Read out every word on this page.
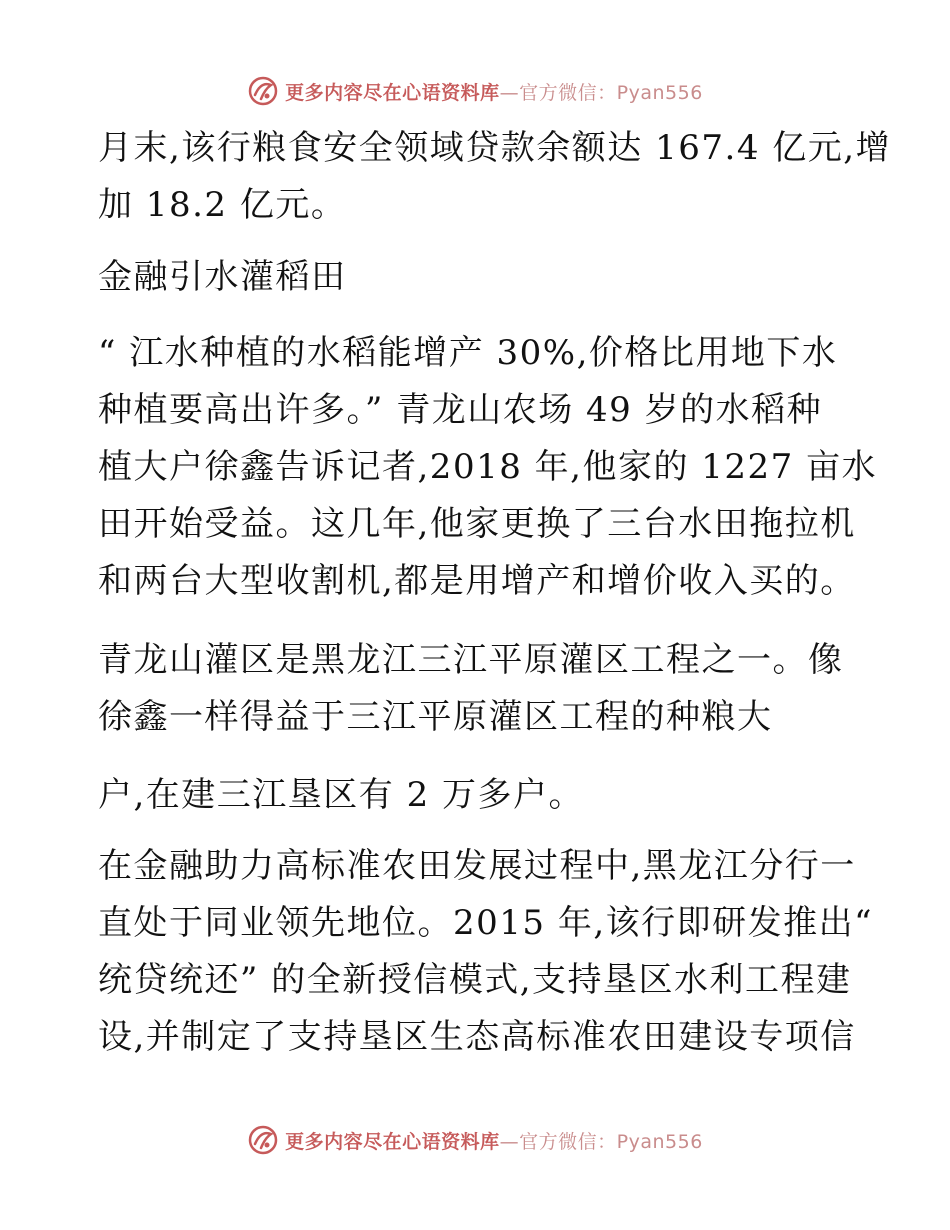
更多内容尽在心语资料库—官方微信：Pyan556

月末,该行粮食安全领域贷款余额达 167.4 亿元,增

加 18.2 亿元。

金融引水灌稻田

“ 江水种植的水稻能增产 30%,价格比用地下水

种植要高出许多。” 青龙山农场 49 岁的水稻种

植大户徐鑫告诉记者,2018 年,他家的 1227 亩水

田开始受益。这几年,他家更换了三台水田拖拉机

和两台大型收割机,都是用增产和增价收入买的。

青龙山灌区是黑龙江三江平原灌区工程之一。像

徐鑫一样得益于三江平原灌区工程的种粮大

户,在建三江垦区有 2 万多户。

在金融助力高标准农田发展过程中,黑龙江分行一

直处于同业领先地位。2015 年,该行即研发推出“

统贷统还” 的全新授信模式,支持垦区水利工程建

设,并制定了支持垦区生态高标准农田建设专项信

更多内容尽在心语资料库—官方微信：Pyan556
